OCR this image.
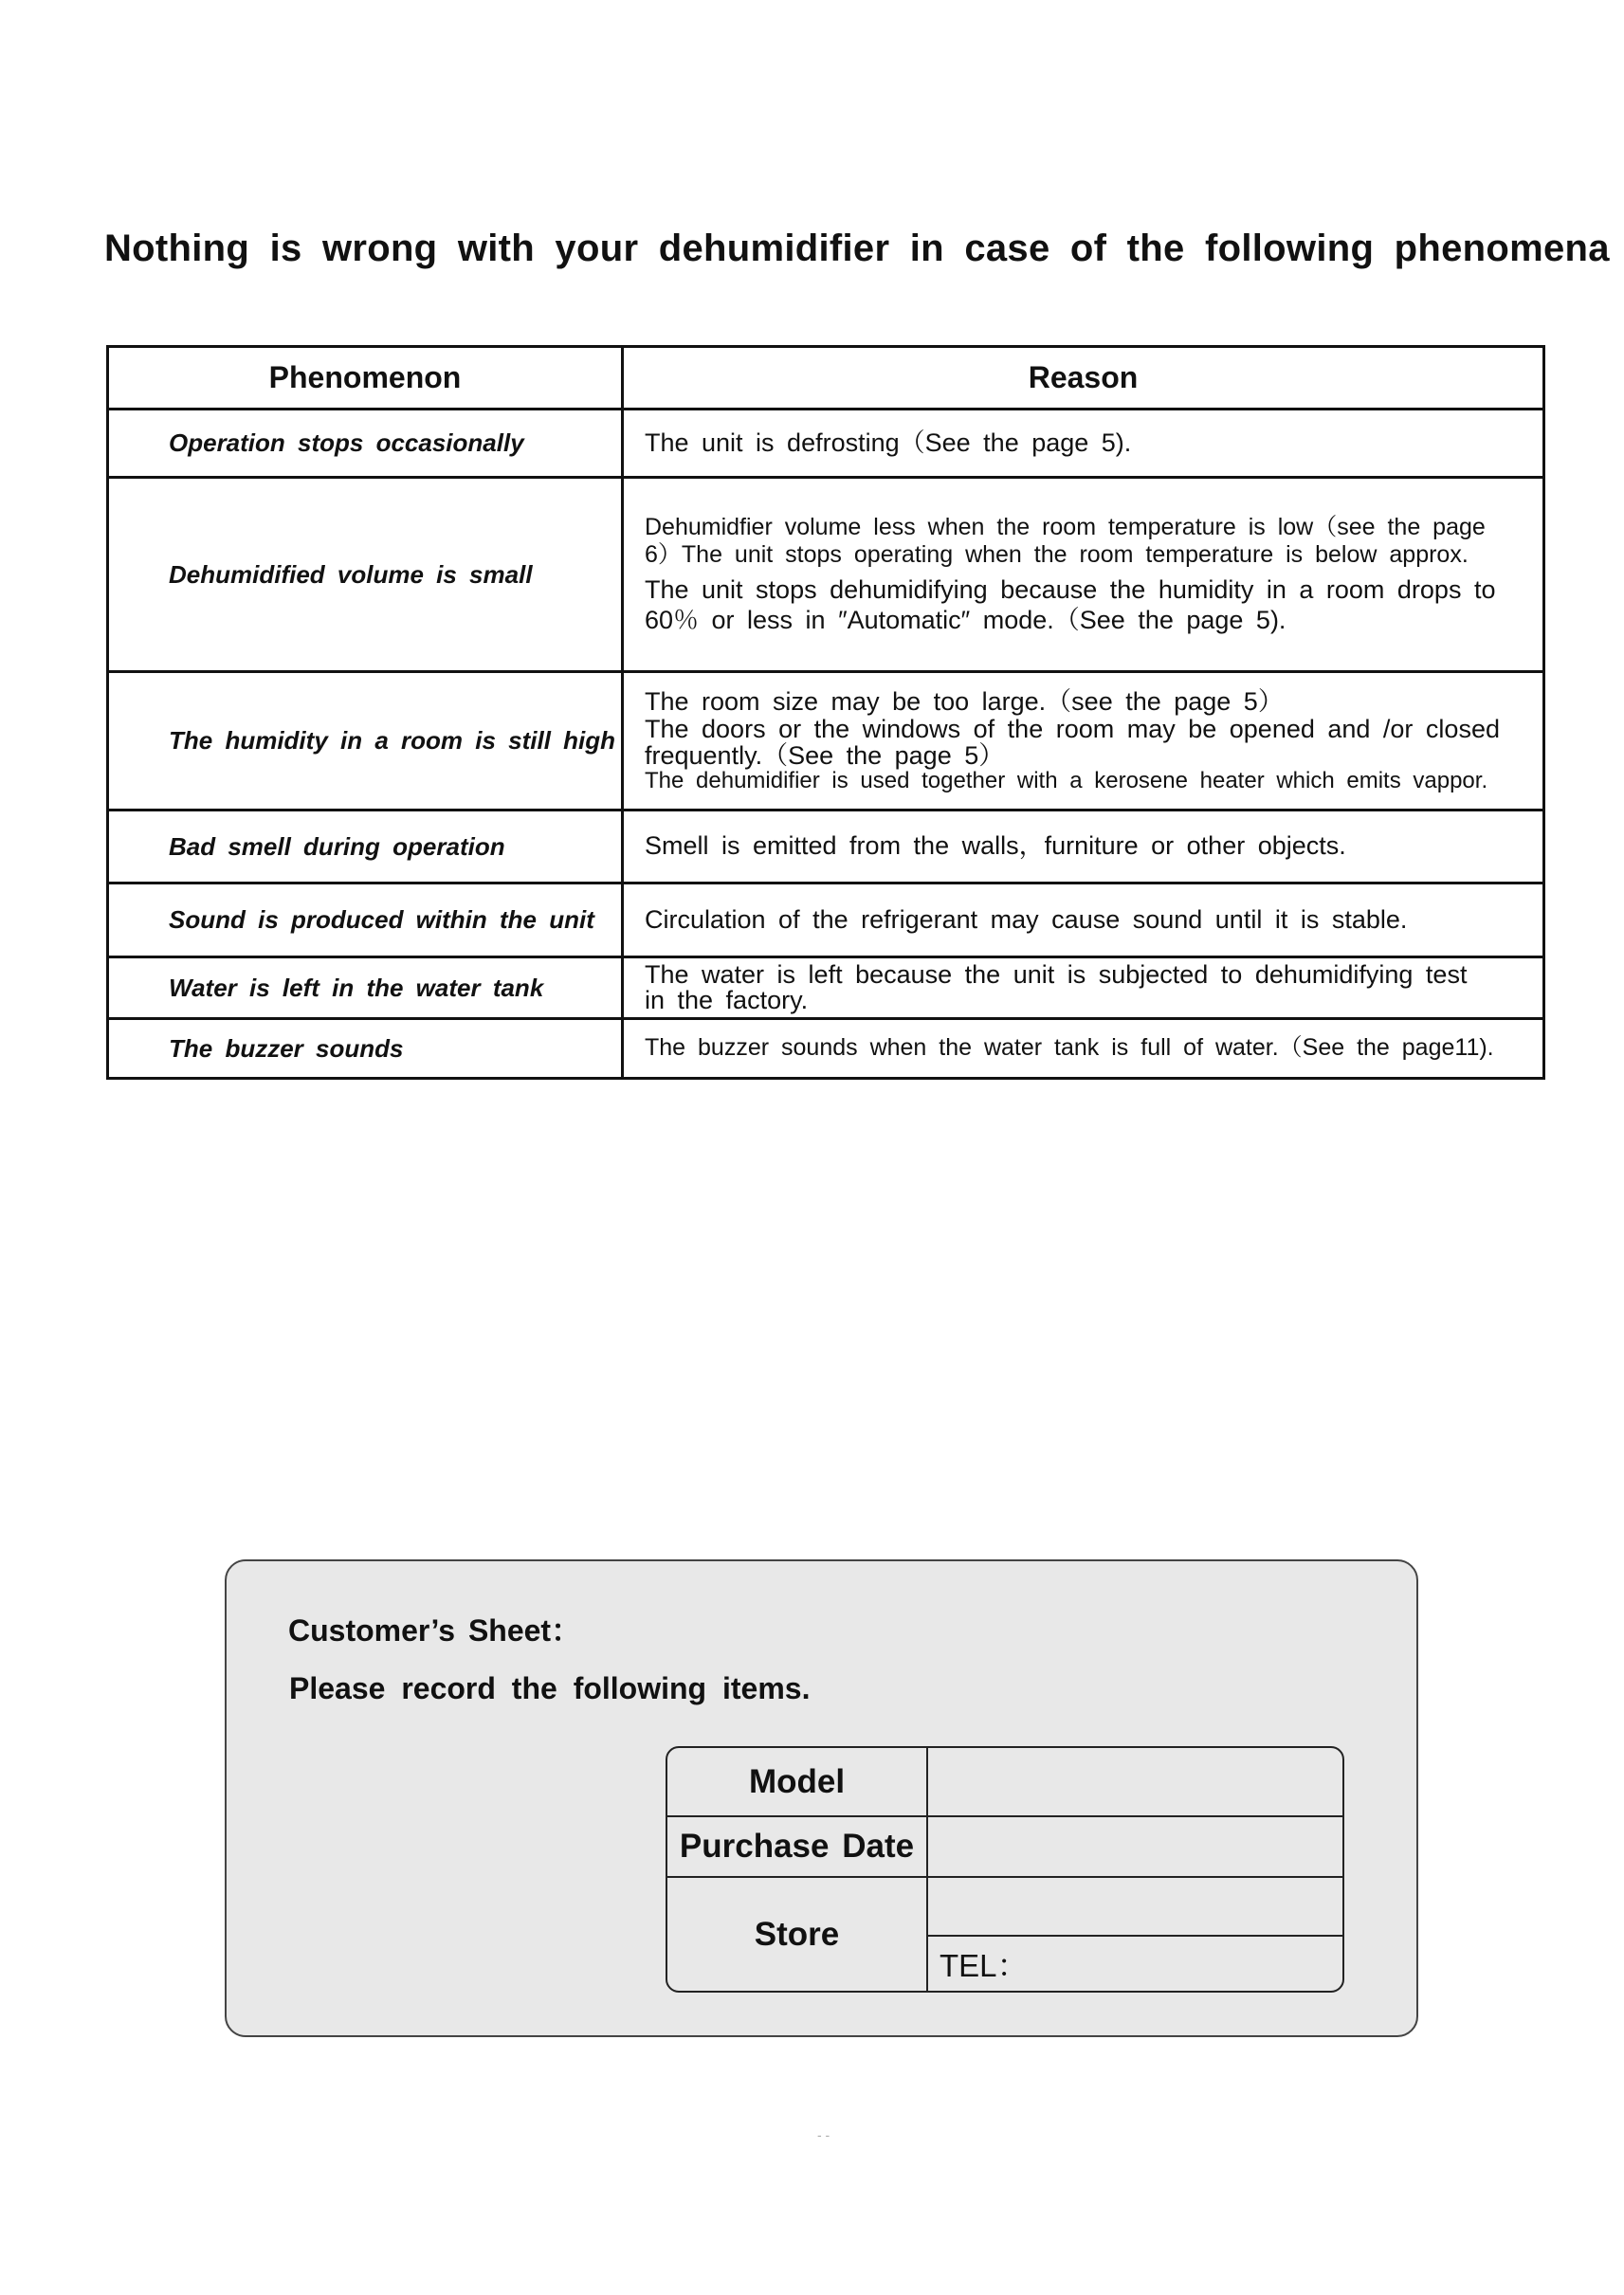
Nothing is wrong with your dehumidifier in case of the following phenomena
Phenomenon	Reason
Operation stops occasionally	The unit is defrosting（See the page 5).

Dehumidified volume is small	Dehumidfier volume less when the room temperature is low（see the page
6）The unit stops operating when the room temperature is below approx.
The unit stops dehumidifying because the humidity in a room drops to
60％ or less in ″Automatic″ mode.（See the page 5).

The humidity in a room is still high	The room size may be too large.（see the page 5）
The doors or the windows of the room may be opened and /or closed
frequently.（See the page 5）
The dehumidifier is used together with a kerosene heater which emits vappor.

Bad smell during operation	Smell is emitted from the walls，furniture or other objects.

Sound is produced within the unit	Circulation of the refrigerant may cause sound until it is stable.

Water is left in the water tank	The water is left because the unit is subjected to dehumidifying test
in the factory.

The buzzer sounds	The buzzer sounds when the water tank is full of water.（See the page11).
Customer’s Sheet：
Please record the following items.
Model
Purchase Date
Store
TEL：
- -
